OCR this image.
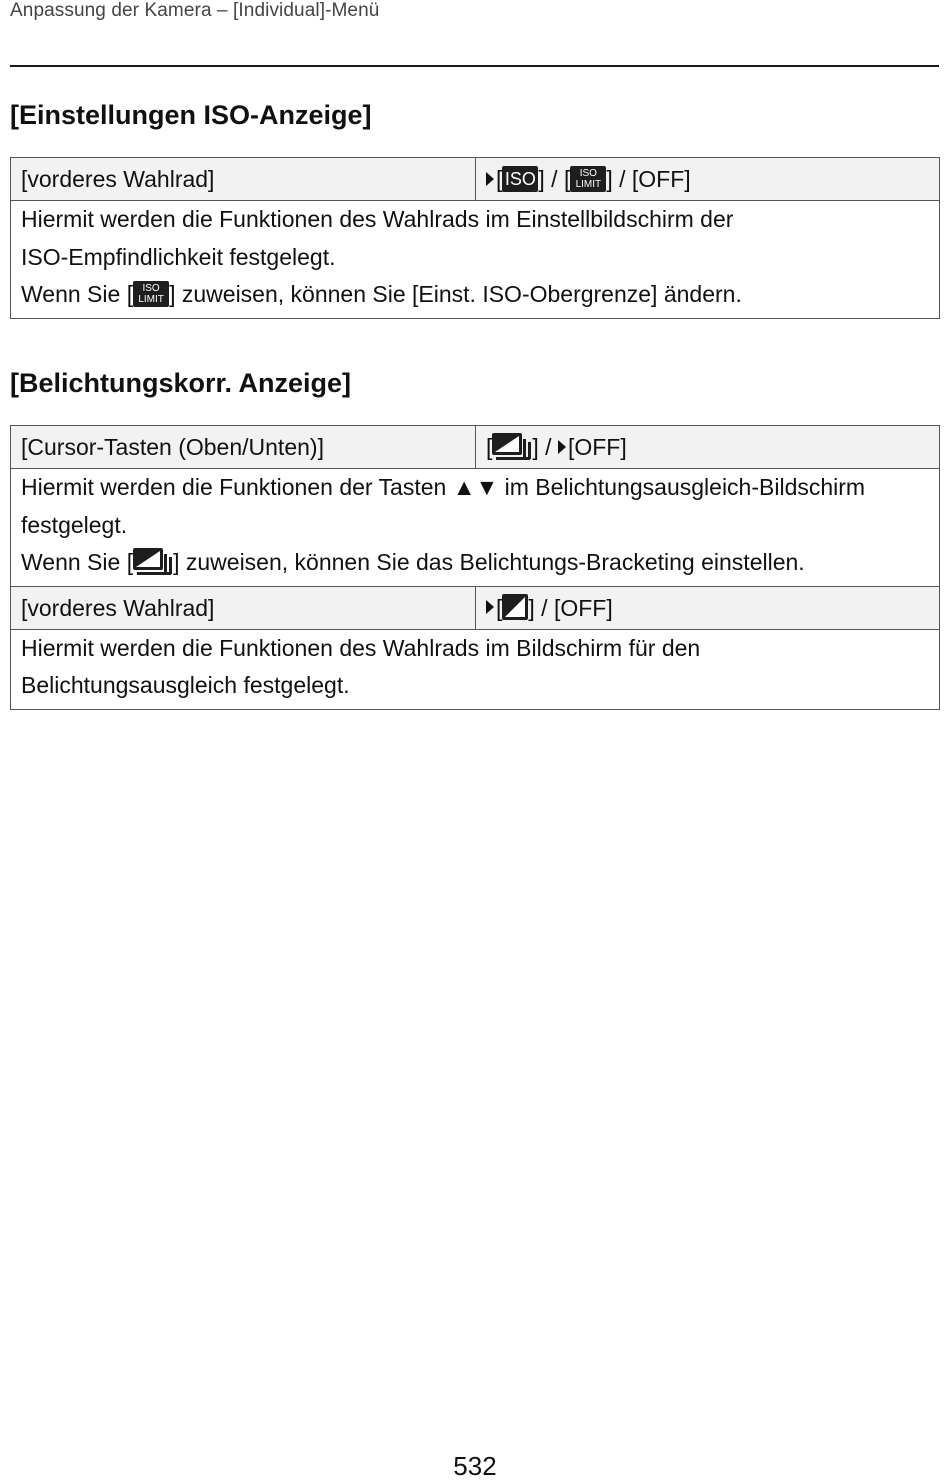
Anpassung der Kamera – [Individual]-Menü
[Einstellungen ISO-Anzeige]
[vorderes Wahlrad]	[ ISO ] / [ ISO
LIMIT ] / [OFF]

Hiermit werden die Funktionen des Wahlrads im Einstellbildschirm der
ISO-Empfindlichkeit festgelegt.
Wenn Sie [ ISO
LIMIT ] zuweisen, können Sie [Einst. ISO-Obergrenze] ändern.
[Belichtungskorr. Anzeige]
[Cursor-Tasten (Oben/Unten)]	[ ] / [OFF]

Hiermit werden die Funktionen der Tasten ▲▼ im Belichtungsausgleich-Bildschirm
festgelegt.
Wenn Sie [ ] zuweisen, können Sie das Belichtungs-Bracketing einstellen.	

[vorderes Wahlrad]	[ ] / [OFF]

Hiermit werden die Funktionen des Wahlrads im Bildschirm für den
Belichtungsausgleich festgelegt.	
532
